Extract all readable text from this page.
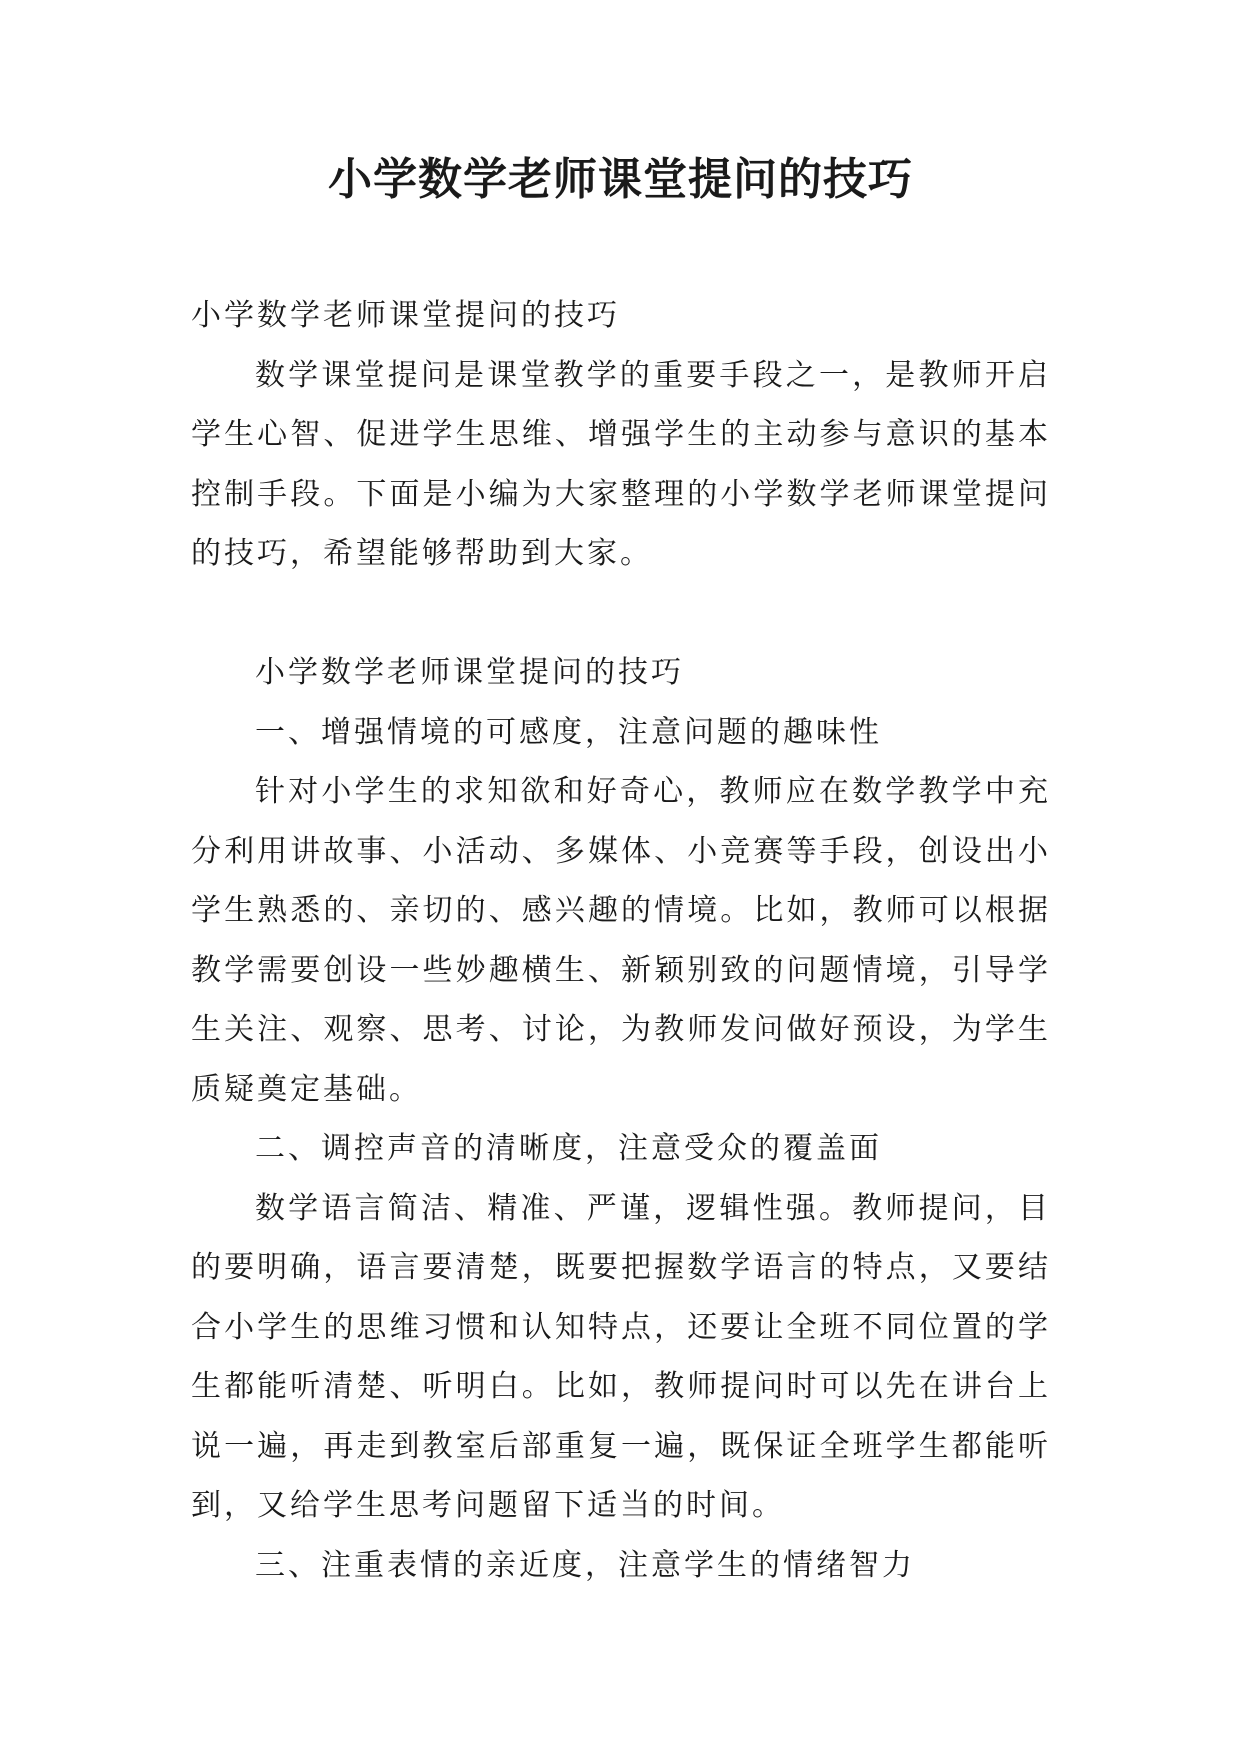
小学数学老师课堂提问的技巧

小学数学老师课堂提问的技巧

数学课堂提问是课堂教学的重要手段之一，是教师开启学生心智、促进学生思维、增强学生的主动参与意识的基本控制手段。下面是小编为大家整理的小学数学老师课堂提问的技巧，希望能够帮助到大家。

小学数学老师课堂提问的技巧

一、增强情境的可感度，注意问题的趣味性

针对小学生的求知欲和好奇心，教师应在数学教学中充分利用讲故事、小活动、多媒体、小竞赛等手段，创设出小学生熟悉的、亲切的、感兴趣的情境。比如，教师可以根据教学需要创设一些妙趣横生、新颖别致的问题情境，引导学生关注、观察、思考、讨论，为教师发问做好预设，为学生质疑奠定基础。

二、调控声音的清晰度，注意受众的覆盖面

数学语言简洁、精准、严谨，逻辑性强。教师提问，目的要明确，语言要清楚，既要把握数学语言的特点，又要结合小学生的思维习惯和认知特点，还要让全班不同位置的学生都能听清楚、听明白。比如，教师提问时可以先在讲台上说一遍，再走到教室后部重复一遍，既保证全班学生都能听到，又给学生思考问题留下适当的时间。

三、注重表情的亲近度，注意学生的情绪智力
